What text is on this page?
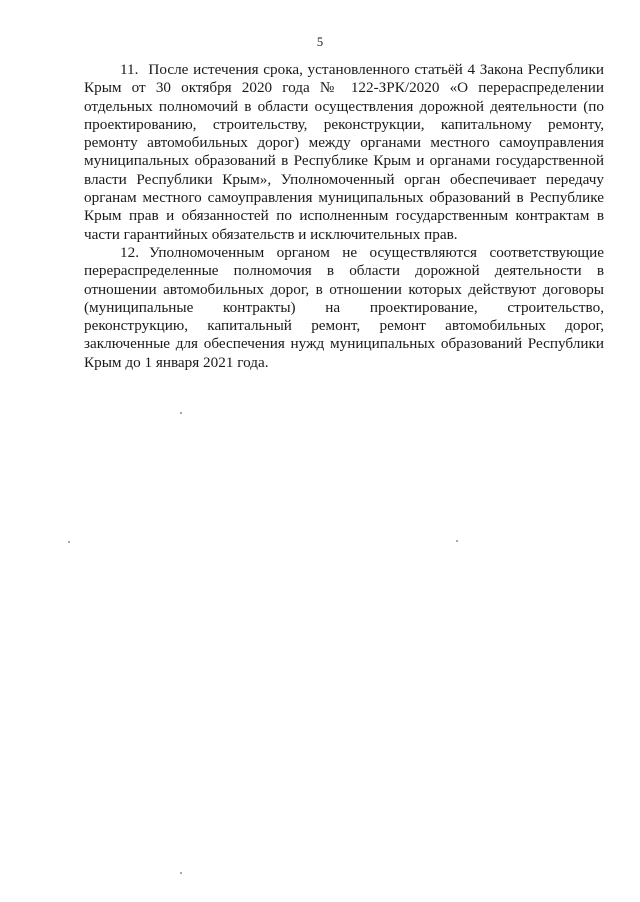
5

11. После истечения срока, установленного статьёй 4 Закона Республики Крым от 30 октября 2020 года № 122-ЗРК/2020 «О перераспределении отдельных полномочий в области осуществления дорожной деятельности (по проектированию, строительству, реконструкции, капитальному ремонту, ремонту автомобильных дорог) между органами местного самоуправления муниципальных образований в Республике Крым и органами государственной власти Республики Крым», Уполномоченный орган обеспечивает передачу органам местного самоуправления муниципальных образований в Республике Крым прав и обязанностей по исполненным государственным контрактам в части гарантийных обязательств и исключительных прав.

12. Уполномоченным органом не осуществляются соответствующие перераспределенные полномочия в области дорожной деятельности в отношении автомобильных дорог, в отношении которых действуют договоры (муниципальные контракты) на проектирование, строительство, реконструкцию, капитальный ремонт, ремонт автомобильных дорог, заключенные для обеспечения нужд муниципальных образований Республики Крым до 1 января 2021 года.
